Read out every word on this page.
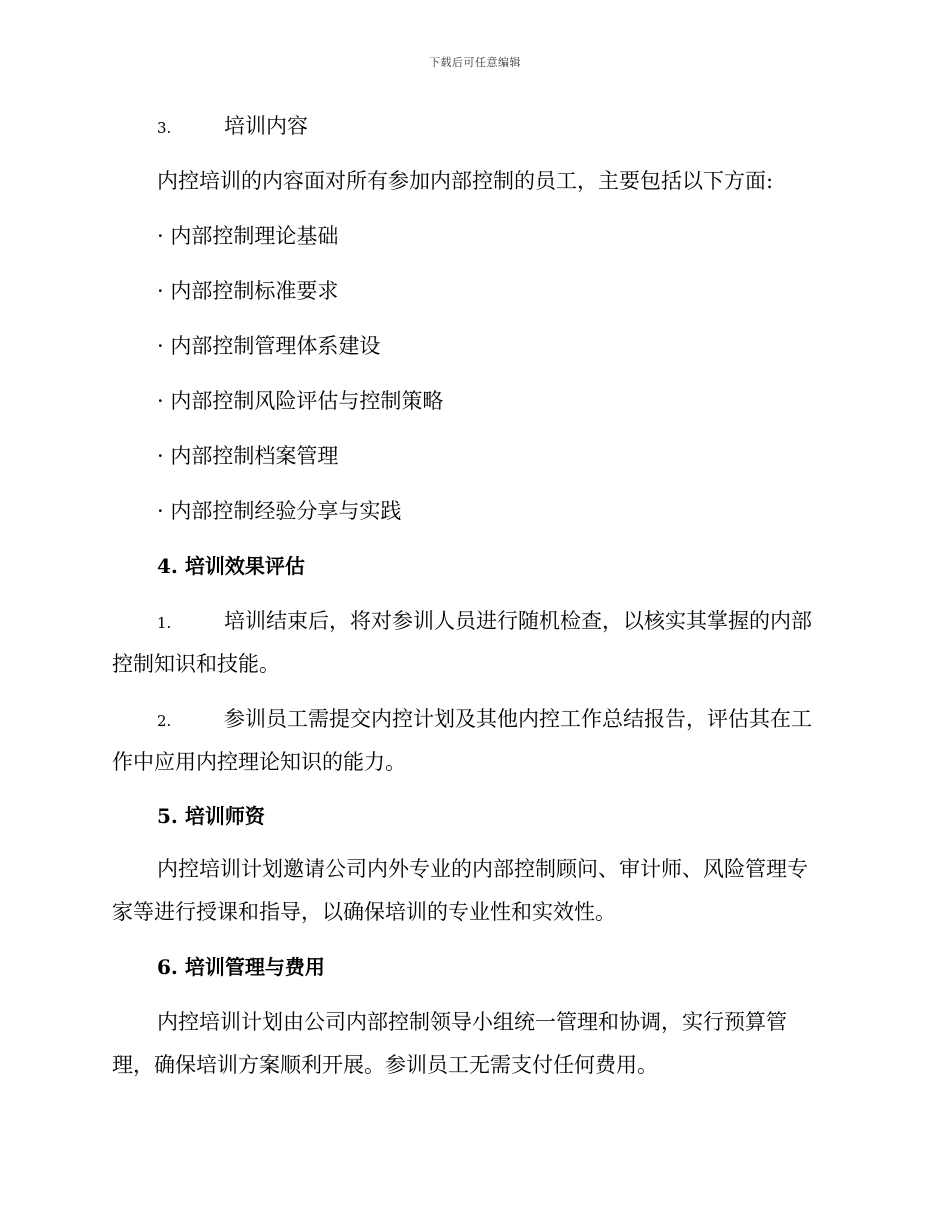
下载后可任意编辑
3.	培训内容
内控培训的内容面对所有参加内部控制的员工，主要包括以下方面:
· 内部控制理论基础
· 内部控制标准要求
· 内部控制管理体系建设
· 内部控制风险评估与控制策略
· 内部控制档案管理
· 内部控制经验分享与实践
4. 培训效果评估
1.	培训结束后，将对参训人员进行随机检查，以核实其掌握的内部
控制知识和技能。
2.	参训员工需提交内控计划及其他内控工作总结报告，评估其在工
作中应用内控理论知识的能力。
5. 培训师资
内控培训计划邀请公司内外专业的内部控制顾问、审计师、风险管理专
家等进行授课和指导，以确保培训的专业性和实效性。
6. 培训管理与费用
内控培训计划由公司内部控制领导小组统一管理和协调，实行预算管
理，确保培训方案顺利开展。参训员工无需支付任何费用。
